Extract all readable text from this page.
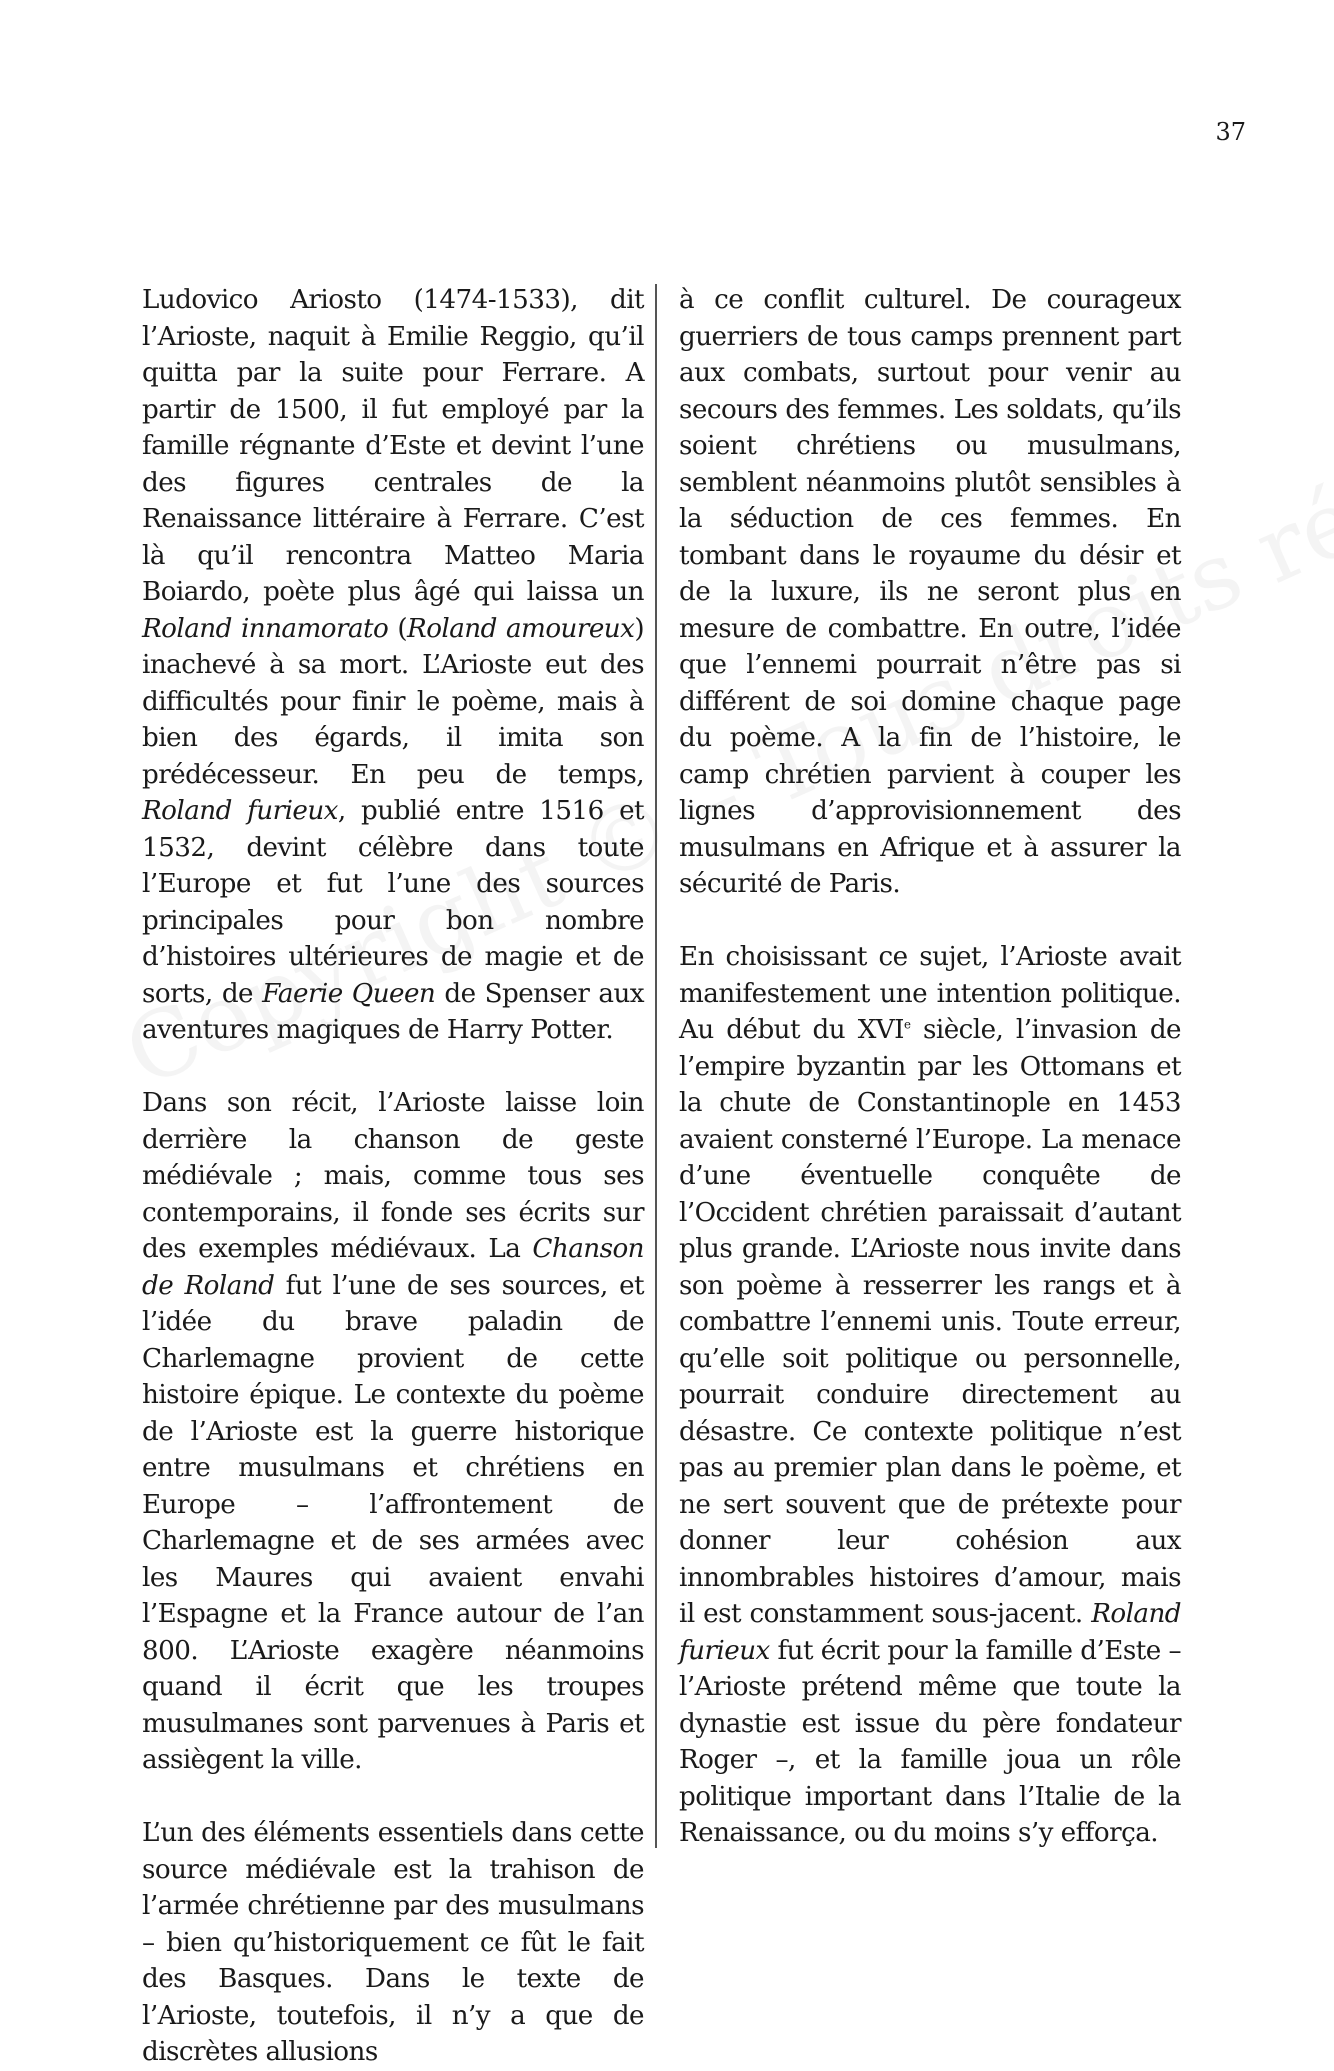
37

Ludovico Ariosto (1474-1533), dit l’Arioste, naquit à Emilie Reggio, qu’il quitta par la suite pour Ferrare. A partir de 1500, il fut employé par la famille régnante d’Este et devint l’une des figures centrales de la Renaissance littéraire à Ferrare. C’est là qu’il rencontra Matteo Maria Boiardo, poète plus âgé qui laissa un Roland innamorato (Roland amoureux) inachevé à sa mort. L’Arioste eut des difficultés pour finir le poème, mais à bien des égards, il imita son prédécesseur. En peu de temps, Roland furieux, publié entre 1516 et 1532, devint célèbre dans toute l’Europe et fut l’une des sources principales pour bon nombre d’histoires ultérieures de magie et de sorts, de Faerie Queen de Spenser aux aventures magiques de Harry Potter.

Dans son récit, l’Arioste laisse loin derrière la chanson de geste médiévale ; mais, comme tous ses contemporains, il fonde ses écrits sur des exemples médiévaux. La Chanson de Roland fut l’une de ses sources, et l’idée du brave paladin de Charlemagne provient de cette histoire épique. Le contexte du poème de l’Arioste est la guerre historique entre musulmans et chrétiens en Europe – l’affrontement de Charlemagne et de ses armées avec les Maures qui avaient envahi l’Espagne et la France autour de l’an 800. L’Arioste exagère néanmoins quand il écrit que les troupes musulmanes sont parvenues à Paris et assiègent la ville.

L’un des éléments essentiels dans cette source médiévale est la trahison de l’armée chrétienne par des musulmans – bien qu’historiquement ce fût le fait des Basques. Dans le texte de l’Arioste, toutefois, il n’y a que de discrètes allusions

à ce conflit culturel. De courageux guerriers de tous camps prennent part aux combats, surtout pour venir au secours des femmes. Les soldats, qu’ils soient chrétiens ou musulmans, semblent néanmoins plutôt sensibles à la séduction de ces femmes. En tombant dans le royaume du désir et de la luxure, ils ne seront plus en mesure de combattre. En outre, l’idée que l’ennemi pourrait n’être pas si différent de soi domine chaque page du poème. A la fin de l’histoire, le camp chrétien parvient à couper les lignes d’approvisionnement des musulmans en Afrique et à assurer la sécurité de Paris.

En choisissant ce sujet, l’Arioste avait manifestement une intention politique. Au début du XVIe siècle, l’invasion de l’empire byzantin par les Ottomans et la chute de Constantinople en 1453 avaient consterné l’Europe. La menace d’une éventuelle conquête de l’Occident chrétien paraissait d’autant plus grande. L’Arioste nous invite dans son poème à resserrer les rangs et à combattre l’ennemi unis. Toute erreur, qu’elle soit politique ou personnelle, pourrait conduire directement au désastre. Ce contexte politique n’est pas au premier plan dans le poème, et ne sert souvent que de prétexte pour donner leur cohésion aux innombrables histoires d’amour, mais il est constamment sous-jacent. Roland furieux fut écrit pour la famille d’Este – l’Arioste prétend même que toute la dynastie est issue du père fondateur Roger –, et la famille joua un rôle politique important dans l’Italie de la Renaissance, ou du moins s’y efforça.
